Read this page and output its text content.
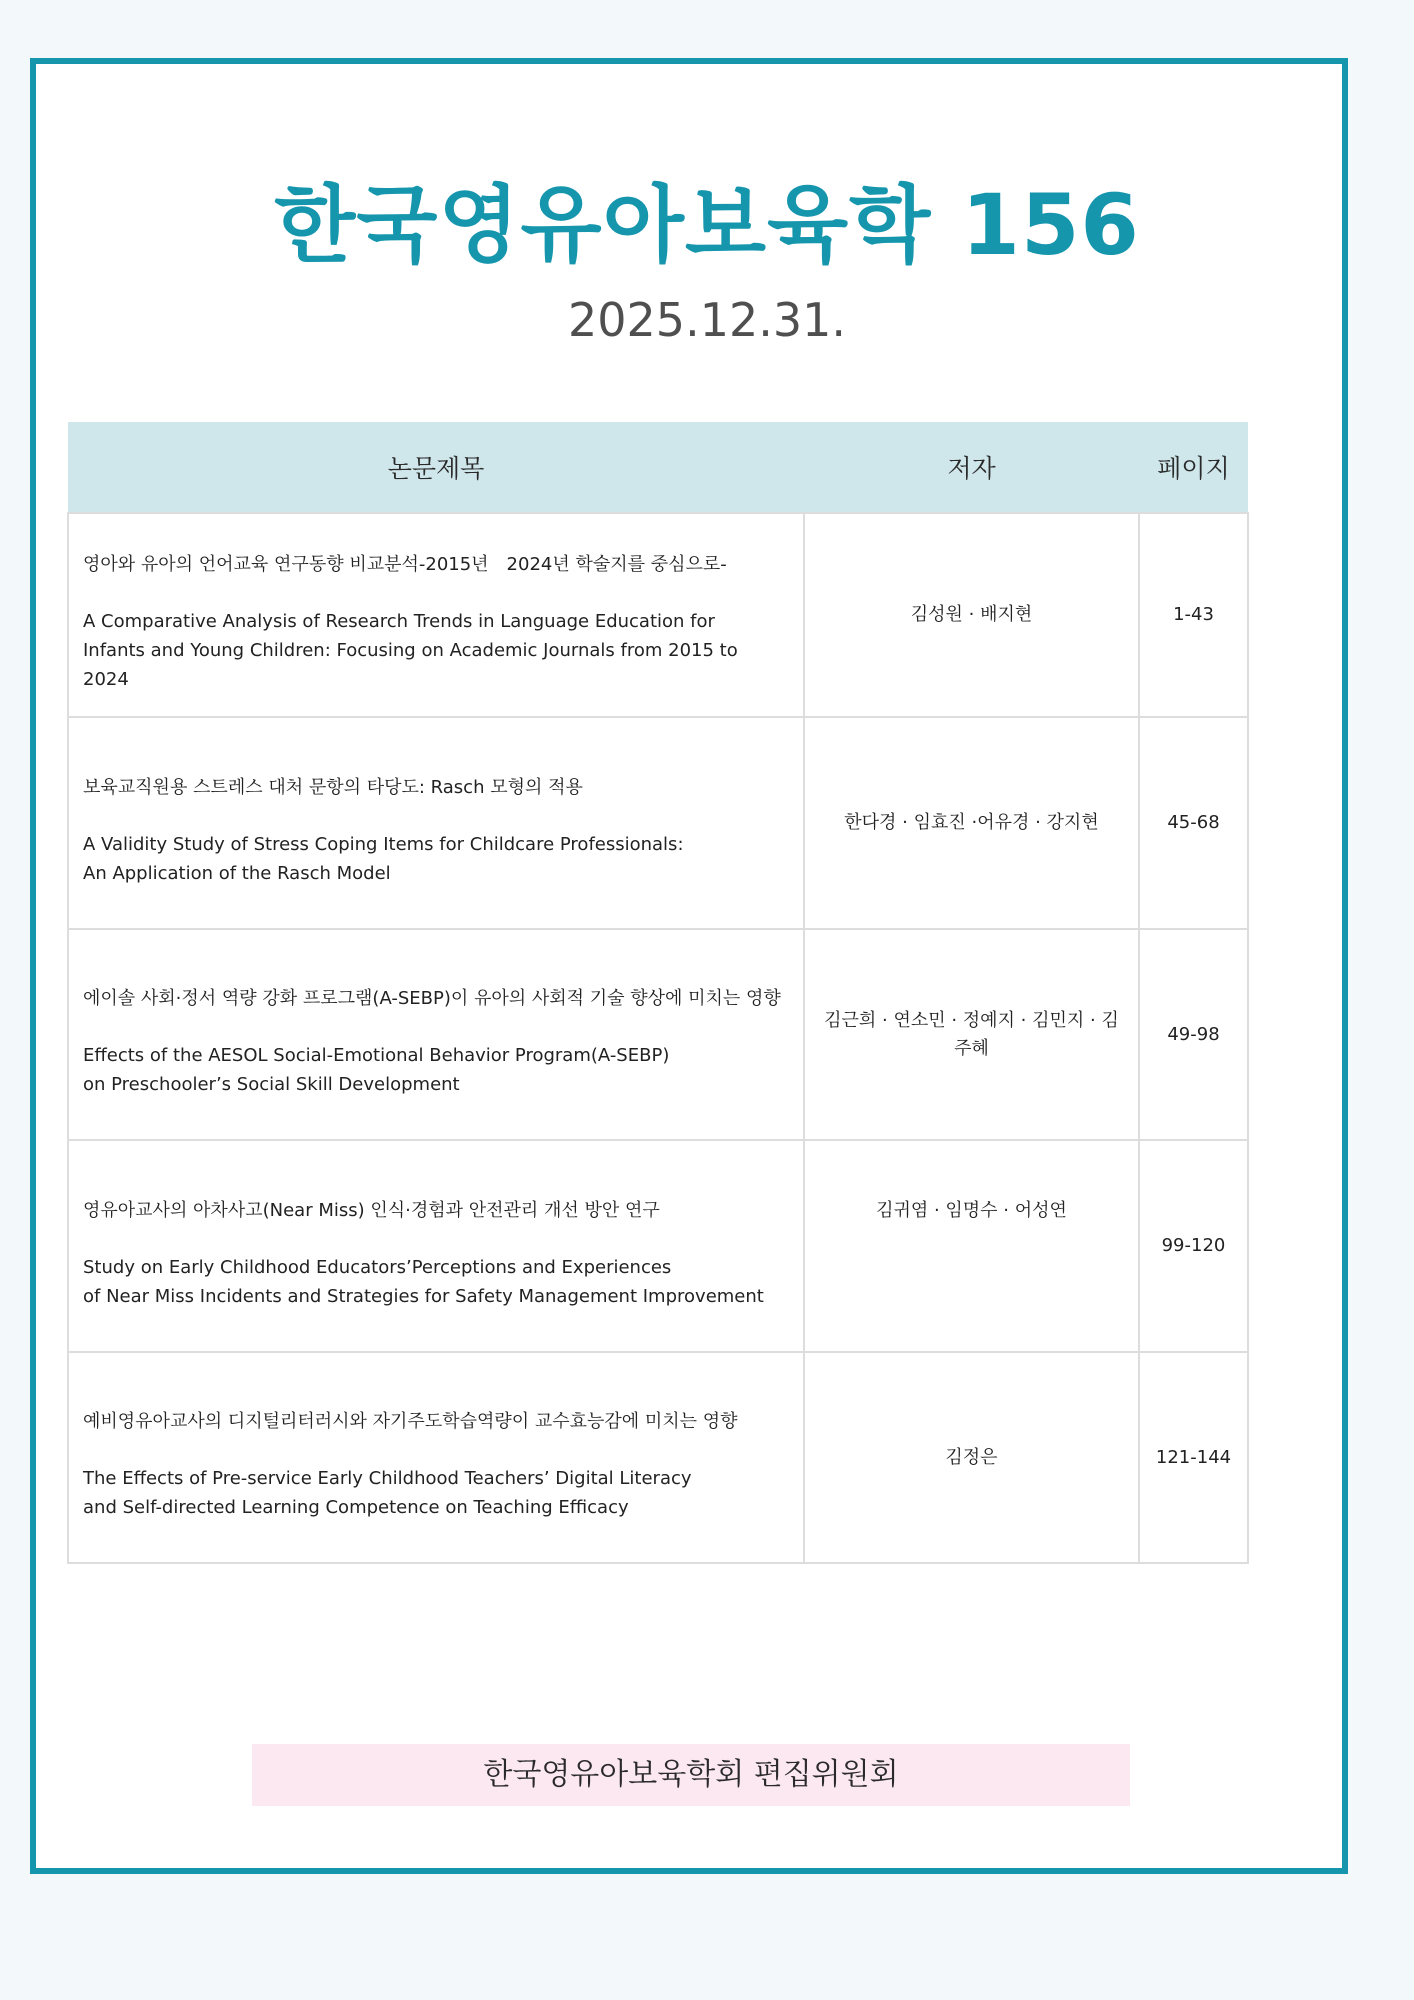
한국영유아보육학 156
2025.12.31.
논문제목	저자	페이지

영아와 유아의 언어교육 연구동향 비교분석-2015년　2024년 학술지를 중심으로-
A Comparative Analysis of Research Trends in Language Education for
Infants and Young Children: Focusing on Academic Journals from 2015 to 2024	김성원 · 배지현	1-43

보육교직원용 스트레스 대처 문항의 타당도: Rasch 모형의 적용
A Validity Study of Stress Coping Items for Childcare Professionals:
An Application of the Rasch Model	한다경 · 임효진 ·어유경 · 강지현	45-68

에이솔 사회·정서 역량 강화 프로그램(A-SEBP)이 유아의 사회적 기술 향상에 미치는 영향
Effects of the AESOL Social-Emotional Behavior Program(A-SEBP)
on Preschooler’s Social Skill Development	김근희 · 연소민 · 정예지 · 김민지 · 김주혜	49-98

영유아교사의 아차사고(Near Miss) 인식·경험과 안전관리 개선 방안 연구
Study on Early Childhood Educators’Perceptions and Experiences
of Near Miss Incidents and Strategies for Safety Management Improvement	김귀염 · 임명수 · 어성연	99-120

예비영유아교사의 디지털리터러시와 자기주도학습역량이 교수효능감에 미치는 영향
The Effects of Pre-service Early Childhood Teachers’ Digital Literacy
and Self-directed Learning Competence on Teaching Efficacy	김정은	121-144
한국영유아보육학회 편집위원회
